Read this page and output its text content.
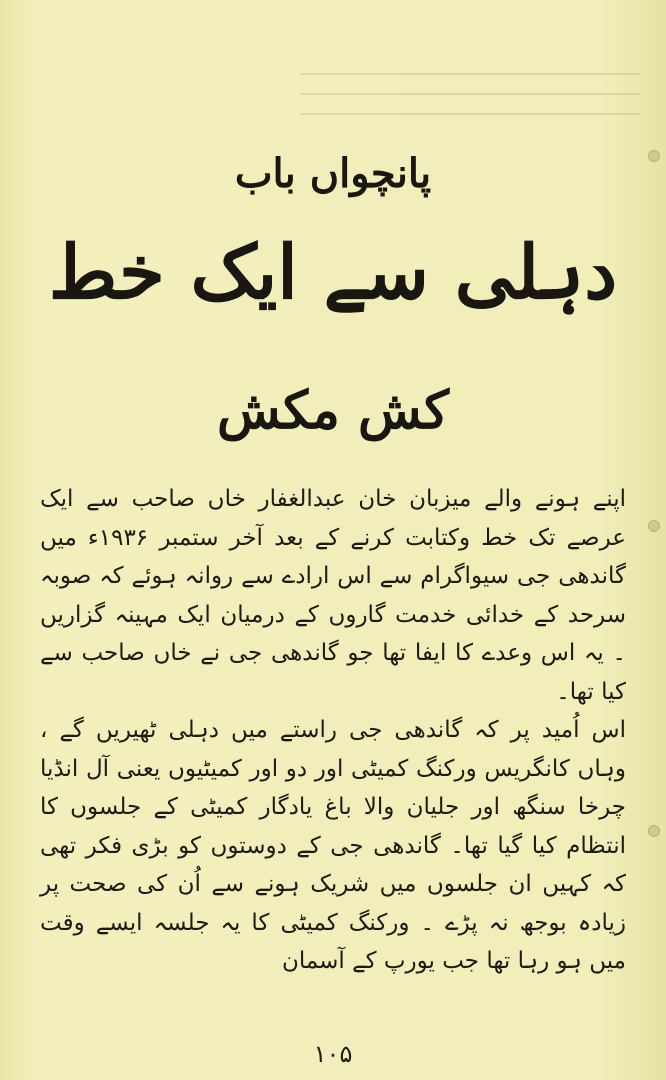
پانچواں باب
دہلی سے ایک خط
کش مکش

اپنے ہونے والے میزبان خان عبدالغفار خاں صاحب سے ایک عرصے تک خط وکتابت کرنے کے بعد آخر ستمبر ۱۹۳۶ء میں گاندھی جی سیواگرام سے اس ارادے سے روانہ ہوئے کہ صوبہ سرحد کے خدائی خدمت گاروں کے درمیان ایک مہینہ گزاریں ۔ یہ اس وعدے کا ایفا تھا جو گاندھی جی نے خاں صاحب سے کیا تھا۔

اس اُمید پر کہ گاندھی جی راستے میں دہلی ٹھیریں گے ، وہاں کانگریس ورکنگ کمیٹی اور دو اور کمیٹیوں یعنی آل انڈیا چرخا سنگھ اور جلیان والا باغ یادگار کمیٹی کے جلسوں کا انتظام کیا گیا تھا۔ گاندھی جی کے دوستوں کو بڑی فکر تھی کہ کہیں ان جلسوں میں شریک ہونے سے اُن کی صحت پر زیادہ بوجھ نہ پڑے ۔ ورکنگ کمیٹی کا یہ جلسہ ایسے وقت میں ہو رہا تھا جب یورپ کے آسمان

۱۰۵
